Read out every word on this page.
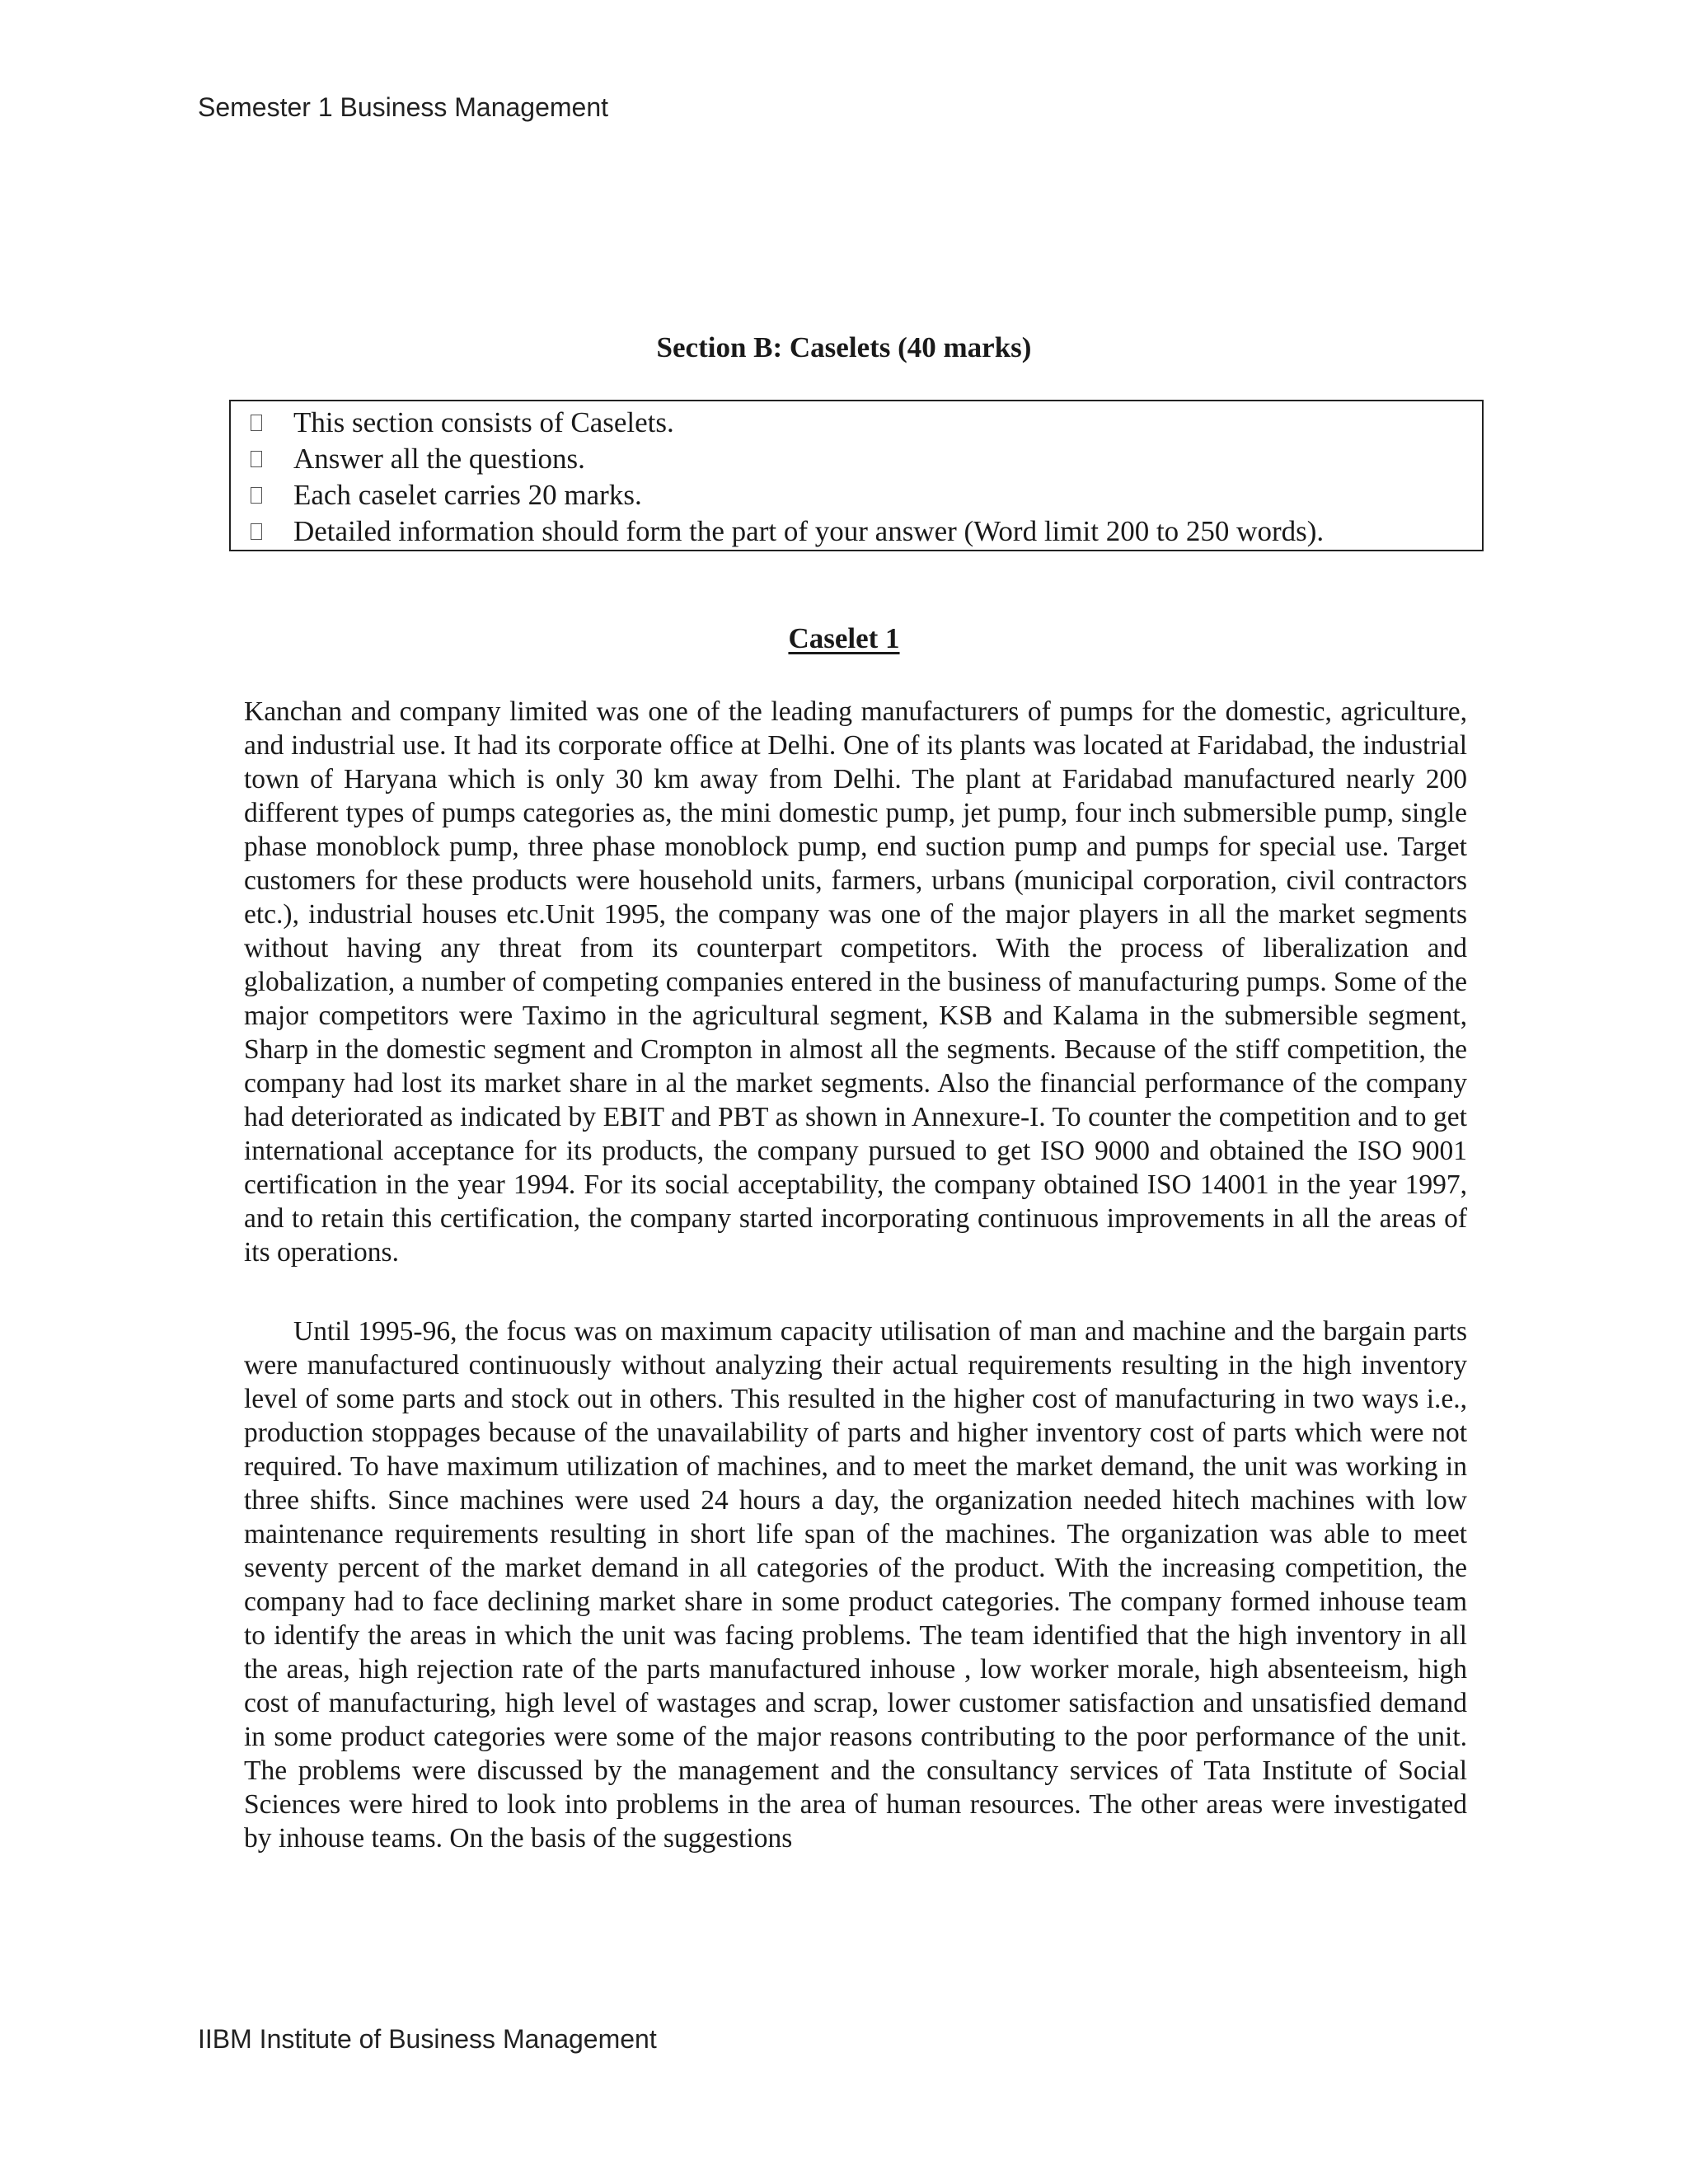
Semester 1 Business Management
Section B: Caselets (40 marks)
This section consists of Caselets.
Answer all the questions.
Each caselet carries 20 marks.
Detailed information should form the part of your answer (Word limit 200 to 250 words).
Caselet 1

Kanchan and company limited was one of the leading manufacturers of pumps for the domestic, agriculture, and industrial use. It had its corporate office at Delhi. One of its plants was located at Faridabad, the industrial town of Haryana which is only 30 km away from Delhi. The plant at Faridabad manufactured nearly 200 different types of pumps categories as, the mini domestic pump, jet pump, four inch submersible pump, single phase monoblock pump, three phase monoblock pump, end suction pump and pumps for special use. Target customers for these products were household units, farmers, urbans (municipal corporation, civil contractors etc.), industrial houses etc.Unit 1995, the company was one of the major players in all the market segments without having any threat from its counterpart competitors. With the process of liberalization and globalization, a number of competing companies entered in the business of manufacturing pumps. Some of the major competitors were Taximo in the agricultural segment, KSB and Kalama in the submersible segment, Sharp in the domestic segment and Crompton in almost all the segments. Because of the stiff competition, the company had lost its market share in al the market segments. Also the financial performance of the company had deteriorated as indicated by EBIT and PBT as shown in Annexure-I. To counter the competition and to get international acceptance for its products, the company pursued to get ISO 9000 and obtained the ISO 9001 certification in the year 1994. For its social acceptability, the company obtained ISO 14001 in the year 1997, and to retain this certification, the company started incorporating continuous improvements in all the areas of its operations.

Until 1995-96, the focus was on maximum capacity utilisation of man and machine and the bargain parts were manufactured continuously without analyzing their actual requirements resulting in the high inventory level of some parts and stock out in others. This resulted in the higher cost of manufacturing in two ways i.e., production stoppages because of the unavailability of parts and higher inventory cost of parts which were not required. To have maximum utilization of machines, and to meet the market demand, the unit was working in three shifts. Since machines were used 24 hours a day, the organization needed hitech machines with low maintenance requirements resulting in short life span of the machines. The organization was able to meet seventy percent of the market demand in all categories of the product. With the increasing competition, the company had to face declining market share in some product categories. The company formed inhouse team to identify the areas in which the unit was facing problems. The team identified that the high inventory in all the areas, high rejection rate of the parts manufactured inhouse , low worker morale, high absenteeism, high cost of manufacturing, high level of wastages and scrap, lower customer satisfaction and unsatisfied demand in some product categories were some of the major reasons contributing to the poor performance of the unit. The problems were discussed by the management and the consultancy services of Tata Institute of Social Sciences were hired to look into problems in the area of human resources. The other areas were investigated by inhouse teams. On the basis of the suggestions

IIBM Institute of Business Management
